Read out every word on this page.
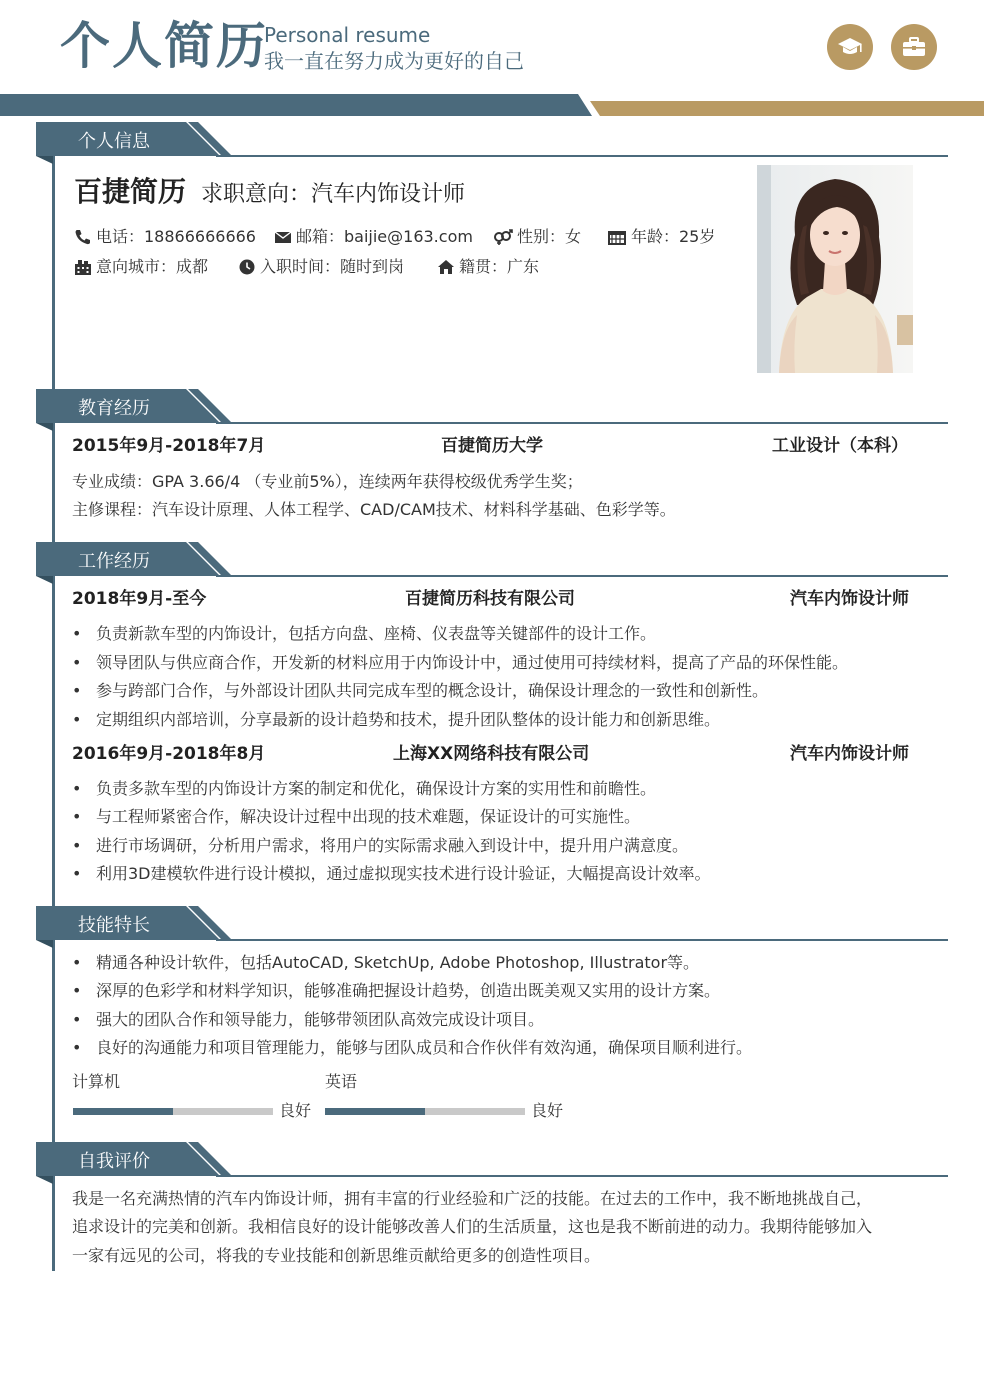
个人简历
Personal resume
我一直在努力成为更好的自己
个人信息
百捷简历 求职意向：汽车内饰设计师
电话：18866666666	邮箱：baijie@163.com	性别：女	年龄：25岁
意向城市：成都	入职时间：随时到岗	籍贯：广东
教育经历
2015年9月-2018年7月	百捷简历大学	工业设计（本科）
专业成绩：GPA 3.66/4 （专业前5%），连续两年获得校级优秀学生奖；
主修课程：汽车设计原理、人体工程学、CAD/CAM技术、材料科学基础、色彩学等。
工作经历
2018年9月-至今	百捷简历科技有限公司	汽车内饰设计师
• 负责新款车型的内饰设计，包括方向盘、座椅、仪表盘等关键部件的设计工作。
• 领导团队与供应商合作，开发新的材料应用于内饰设计中，通过使用可持续材料，提高了产品的环保性能。
• 参与跨部门合作，与外部设计团队共同完成车型的概念设计，确保设计理念的一致性和创新性。
• 定期组织内部培训，分享最新的设计趋势和技术，提升团队整体的设计能力和创新思维。
2016年9月-2018年8月	上海XX网络科技有限公司	汽车内饰设计师
• 负责多款车型的内饰设计方案的制定和优化，确保设计方案的实用性和前瞻性。
• 与工程师紧密合作，解决设计过程中出现的技术难题，保证设计的可实施性。
• 进行市场调研，分析用户需求，将用户的实际需求融入到设计中，提升用户满意度。
• 利用3D建模软件进行设计模拟，通过虚拟现实技术进行设计验证，大幅提高设计效率。
技能特长
• 精通各种设计软件，包括AutoCAD, SketchUp, Adobe Photoshop, Illustrator等。
• 深厚的色彩学和材料学知识，能够准确把握设计趋势，创造出既美观又实用的设计方案。
• 强大的团队合作和领导能力，能够带领团队高效完成设计项目。
• 良好的沟通能力和项目管理能力，能够与团队成员和合作伙伴有效沟通，确保项目顺利进行。
计算机
良好
英语
良好
自我评价
我是一名充满热情的汽车内饰设计师，拥有丰富的行业经验和广泛的技能。在过去的工作中，我不断地挑战自己，
追求设计的完美和创新。我相信良好的设计能够改善人们的生活质量，这也是我不断前进的动力。我期待能够加入
一家有远见的公司，将我的专业技能和创新思维贡献给更多的创造性项目。
